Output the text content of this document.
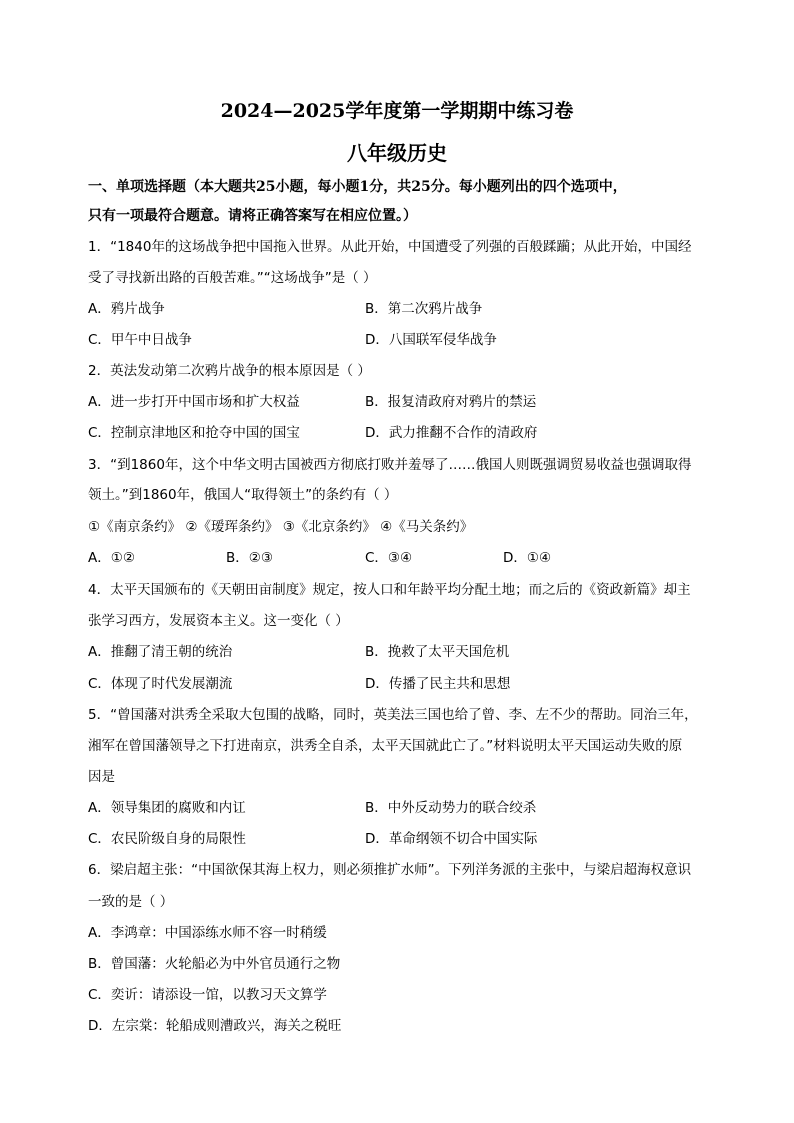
2024—2025学年度第一学期期中练习卷
八年级历史
一、单项选择题（本大题共25小题，每小题1分，共25分。每小题列出的四个选项中，
只有一项最符合题意。请将正确答案写在相应位置。）
1．“1840年的这场战争把中国拖入世界。从此开始，中国遭受了列强的百般蹂躏；从此开始，中国经
受了寻找新出路的百般苦难。”“这场战争”是（ ）
A．鸦片战争	B．第二次鸦片战争
C．甲午中日战争	D．八国联军侵华战争
2．英法发动第二次鸦片战争的根本原因是（ ）
A．进一步打开中国市场和扩大权益	B．报复清政府对鸦片的禁运
C．控制京津地区和抢夺中国的国宝	D．武力推翻不合作的清政府
3．“到1860年，这个中华文明古国被西方彻底打败并羞辱了……俄国人则既强调贸易收益也强调取得
领土。”到1860年，俄国人“取得领土”的条约有（ ）
①《南京条约》 ②《瑷珲条约》 ③《北京条约》 ④《马关条约》
A．①②	B．②③	C．③④	D．①④
4．太平天国颁布的《天朝田亩制度》规定，按人口和年龄平均分配土地；而之后的《资政新篇》却主
张学习西方，发展资本主义。这一变化（ ）
A．推翻了清王朝的统治	B．挽救了太平天国危机
C．体现了时代发展潮流	D．传播了民主共和思想
5．“曾国藩对洪秀全采取大包围的战略，同时，英美法三国也给了曾、李、左不少的帮助。同治三年，
湘军在曾国藩领导之下打进南京，洪秀全自杀，太平天国就此亡了。”材料说明太平天国运动失败的原
因是
A．领导集团的腐败和内讧	B．中外反动势力的联合绞杀
C．农民阶级自身的局限性	D．革命纲领不切合中国实际
6．梁启超主张：“中国欲保其海上权力，则必须推扩水师”。下列洋务派的主张中，与梁启超海权意识
一致的是（ ）
A．李鸿章：中国添练水师不容一时稍缓
B．曾国藩：火轮船必为中外官员通行之物
C．奕䜣：请添设一馆，以教习天文算学
D．左宗棠：轮船成则漕政兴，海关之税旺
